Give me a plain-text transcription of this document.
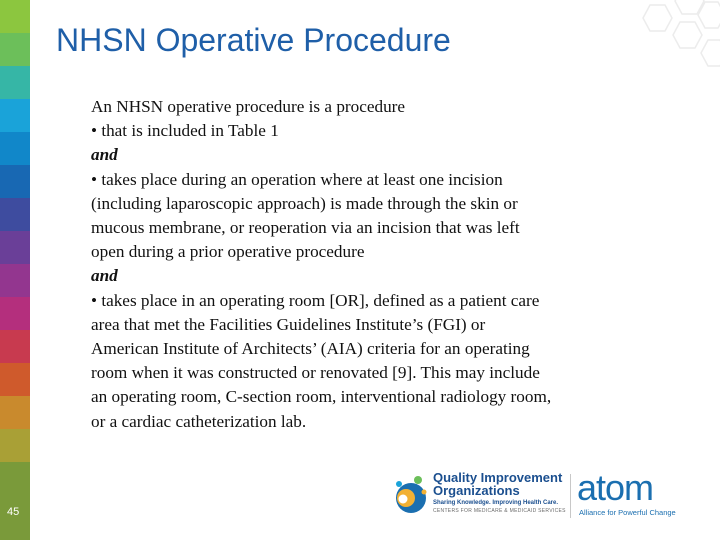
NHSN Operative Procedure
An NHSN operative procedure is a procedure
• that is included in Table 1
and
• takes place during an operation where at least one incision
(including laparoscopic approach) is made through the skin or
mucous membrane, or reoperation via an incision that was left
open during a prior operative procedure
and
• takes place in an operating room [OR], defined as a patient care
area that met the Facilities Guidelines Institute’s (FGI) or
American Institute of Architects’ (AIA) criteria for an operating
room when it was constructed or renovated [9]. This may include
an operating room, C-section room, interventional radiology room,
or a cardiac catheterization lab.
45
Quality Improvement
Organizations
Sharing Knowledge. Improving Health Care.
CENTERS FOR MEDICARE & MEDICAID SERVICES
atom
Alliance for Powerful Change
